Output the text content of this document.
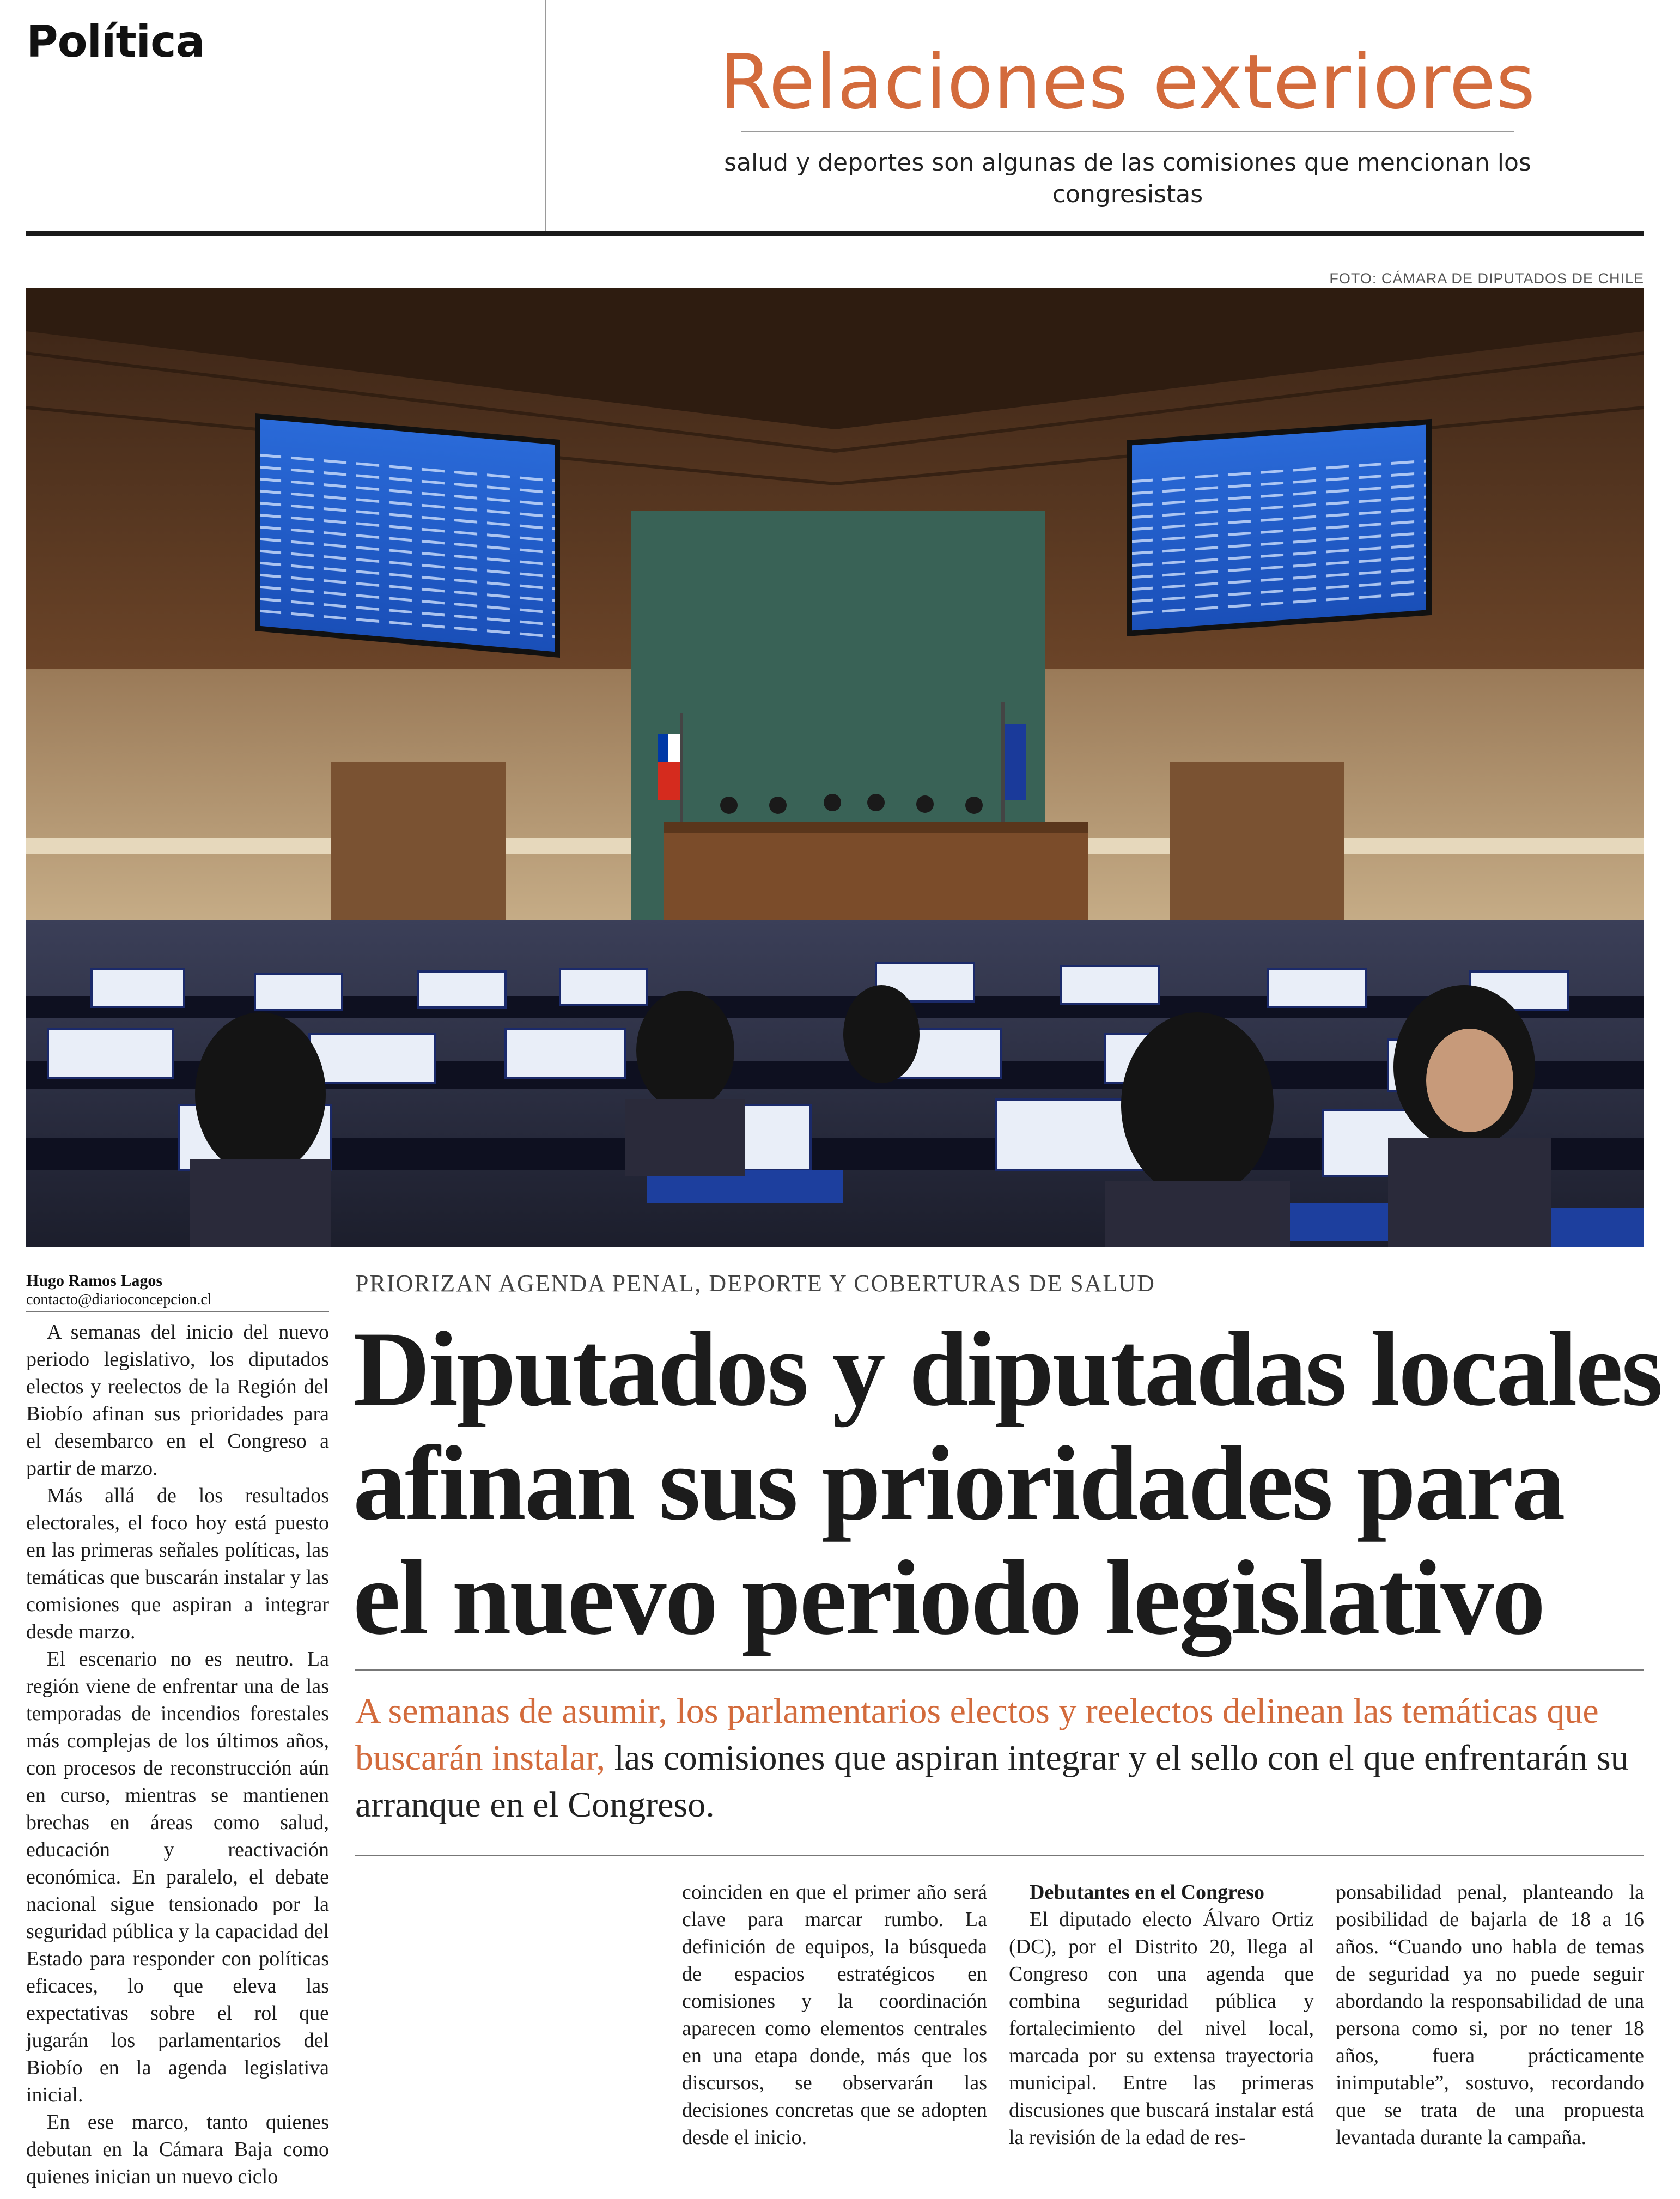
Política	Relaciones exteriores
salud y deportes son algunas de las comisiones que mencionan los congresistas
FOTO: CÁMARA DE DIPUTADOS DE CHILE
Hugo Ramos Lagos
contacto@diarioconcepcion.cl
PRIORIZAN AGENDA PENAL, DEPORTE Y COBERTURAS DE SALUD
Diputados y diputadas locales
afinan sus prioridades para
el nuevo periodo legislativo

A semanas de asumir, los parlamentarios electos y reelectos delinean las temáticas que buscarán instalar, las comisiones que aspiran integrar y el sello con el que enfrentarán su arranque en el Congreso.

A semanas del inicio del nuevo periodo legislativo, los diputados electos y reelectos de la Región del Biobío afinan sus prioridades para el desembarco en el Congreso a partir de marzo.

Más allá de los resultados electorales, el foco hoy está puesto en las primeras señales políticas, las temáticas que buscarán instalar y las comisiones que aspiran a integrar desde marzo.

El escenario no es neutro. La región viene de enfrentar una de las temporadas de incendios forestales más complejas de los últimos años, con procesos de reconstrucción aún en curso, mientras se mantienen brechas en áreas como salud, educación y reactivación económica. En paralelo, el debate nacional sigue tensionado por la seguridad pública y la capacidad del Estado para responder con políticas eficaces, lo que eleva las expectativas sobre el rol que jugarán los parlamentarios del Biobío en la agenda legislativa inicial.

En ese marco, tanto quienes debutan en la Cámara Baja como quienes inician un nuevo ciclo

coinciden en que el primer año será clave para marcar rumbo. La definición de equipos, la búsqueda de espacios estratégicos en comisiones y la coordinación aparecen como elementos centrales en una etapa donde, más que los discursos, se observarán las decisiones concretas que se adopten desde el inicio.

Debutantes en el Congreso

El diputado electo Álvaro Ortiz (DC), por el Distrito 20, llega al Congreso con una agenda que combina seguridad pública y fortalecimiento del nivel local, marcada por su extensa trayectoria municipal. Entre las primeras discusiones que buscará instalar está la revisión de la edad de res-

ponsabilidad penal, planteando la posibilidad de bajarla de 18 a 16 años. “Cuando uno habla de temas de seguridad ya no puede seguir abordando la responsabilidad de una persona como si, por no tener 18 años, fuera prácticamente inimputable”, sostuvo, recordando que se trata de una propuesta levantada durante la campaña.
